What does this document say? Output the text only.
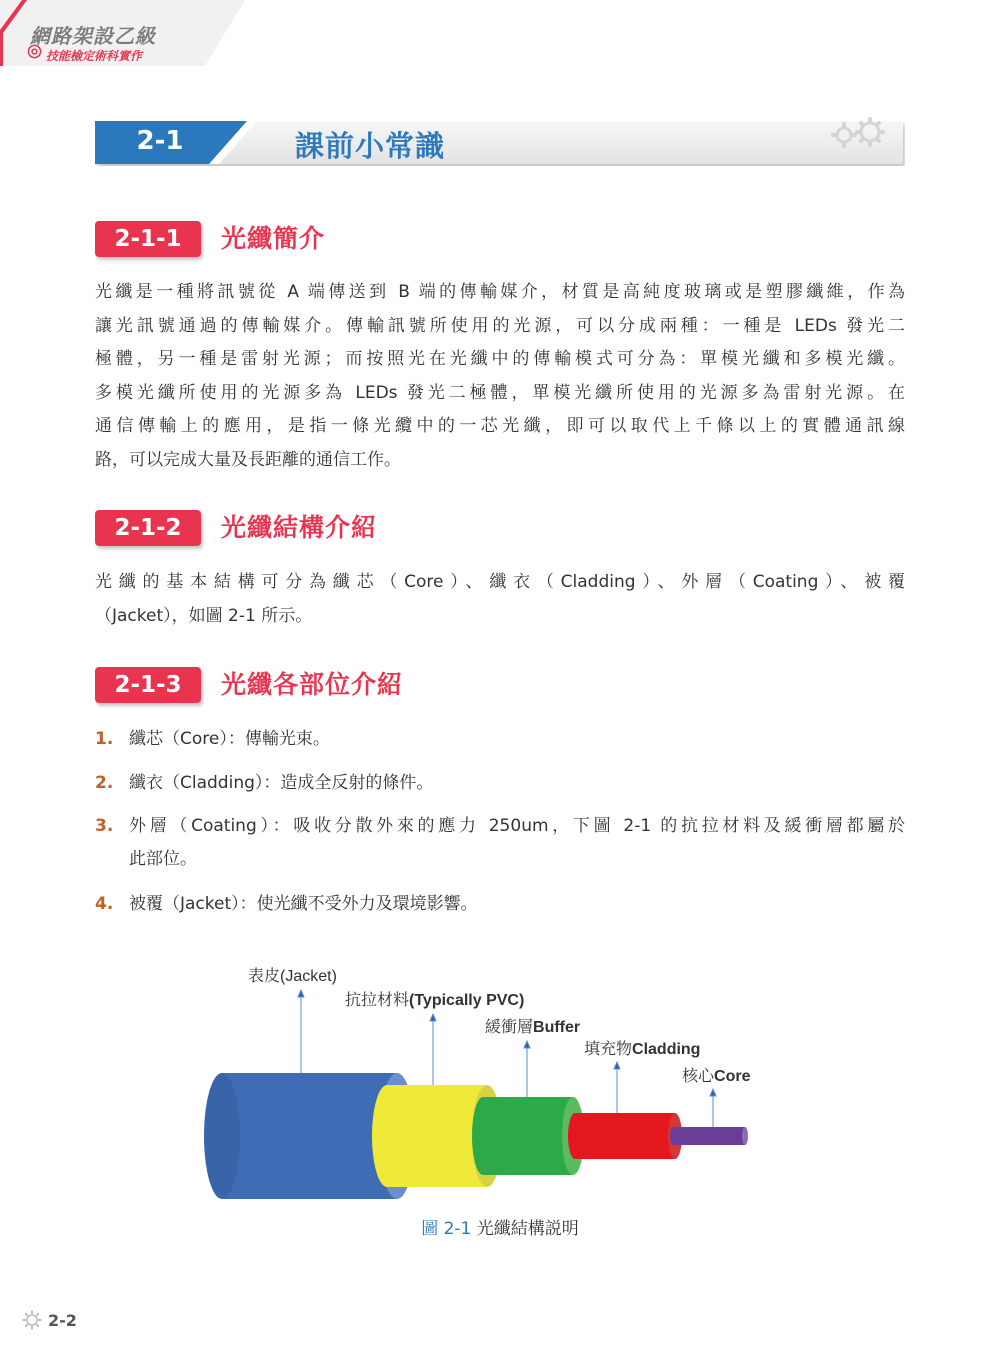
網路架設乙級
技能檢定術科實作
2-1	課前小常識
2-1-1	光纖簡介
光纖是一種將訊號從 A 端傳送到 B 端的傳輸媒介，材質是高純度玻璃或是塑膠纖維，作為
讓光訊號通過的傳輸媒介。傳輸訊號所使用的光源，可以分成兩種：一種是 LEDs 發光二
極體，另一種是雷射光源；而按照光在光纖中的傳輸模式可分為：單模光纖和多模光纖。
多模光纖所使用的光源多為 LEDs 發光二極體，單模光纖所使用的光源多為雷射光源。在
通信傳輸上的應用，是指一條光纜中的一芯光纖，即可以取代上千條以上的實體通訊線
路，可以完成大量及長距離的通信工作。
2-1-2	光纖結構介紹
光纖的基本結構可分為纖芯（Core）、纖衣（Cladding）、外層（Coating）、被覆
（Jacket），如圖 2-1 所示。
2-1-3	光纖各部位介紹
1. 纖芯（Core）：傳輸光束。
2. 纖衣（Cladding）：造成全反射的條件。
3. 外層（Coating）：吸收分散外來的應力 250um，下圖 2-1 的抗拉材料及緩衝層都屬於
此部位。
4. 被覆（Jacket）：使光纖不受外力及環境影響。
表皮(Jacket)
抗拉材料(Typically PVC)
緩衝層Buffer
填充物Cladding
核心Core
圖 2-1 光纖結構説明
2-2
